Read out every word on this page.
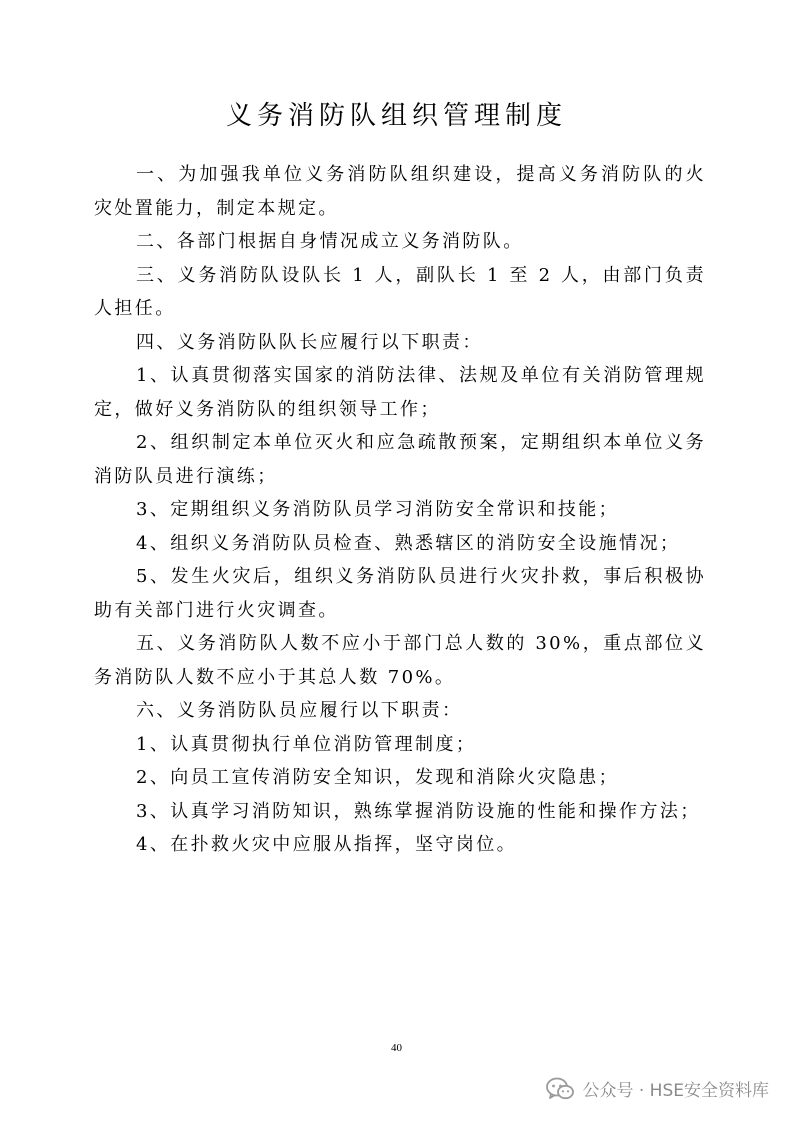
义务消防队组织管理制度

一、为加强我单位义务消防队组织建设，提高义务消防队的火灾处置能力，制定本规定。

二、各部门根据自身情况成立义务消防队。

三、义务消防队设队长 1 人，副队长 1 至 2 人，由部门负责人担任。

四、义务消防队队长应履行以下职责：

1、认真贯彻落实国家的消防法律、法规及单位有关消防管理规定，做好义务消防队的组织领导工作；

2、组织制定本单位灭火和应急疏散预案，定期组织本单位义务消防队员进行演练；

3、定期组织义务消防队员学习消防安全常识和技能；

4、组织义务消防队员检查、熟悉辖区的消防安全设施情况；

5、发生火灾后，组织义务消防队员进行火灾扑救，事后积极协助有关部门进行火灾调查。

五、义务消防队人数不应小于部门总人数的 30%，重点部位义务消防队人数不应小于其总人数 70%。

六、义务消防队员应履行以下职责：

1、认真贯彻执行单位消防管理制度；

2、向员工宣传消防安全知识，发现和消除火灾隐患；

3、认真学习消防知识，熟练掌握消防设施的性能和操作方法；

4、在扑救火灾中应服从指挥，坚守岗位。

40
公众号 · HSE安全资料库
